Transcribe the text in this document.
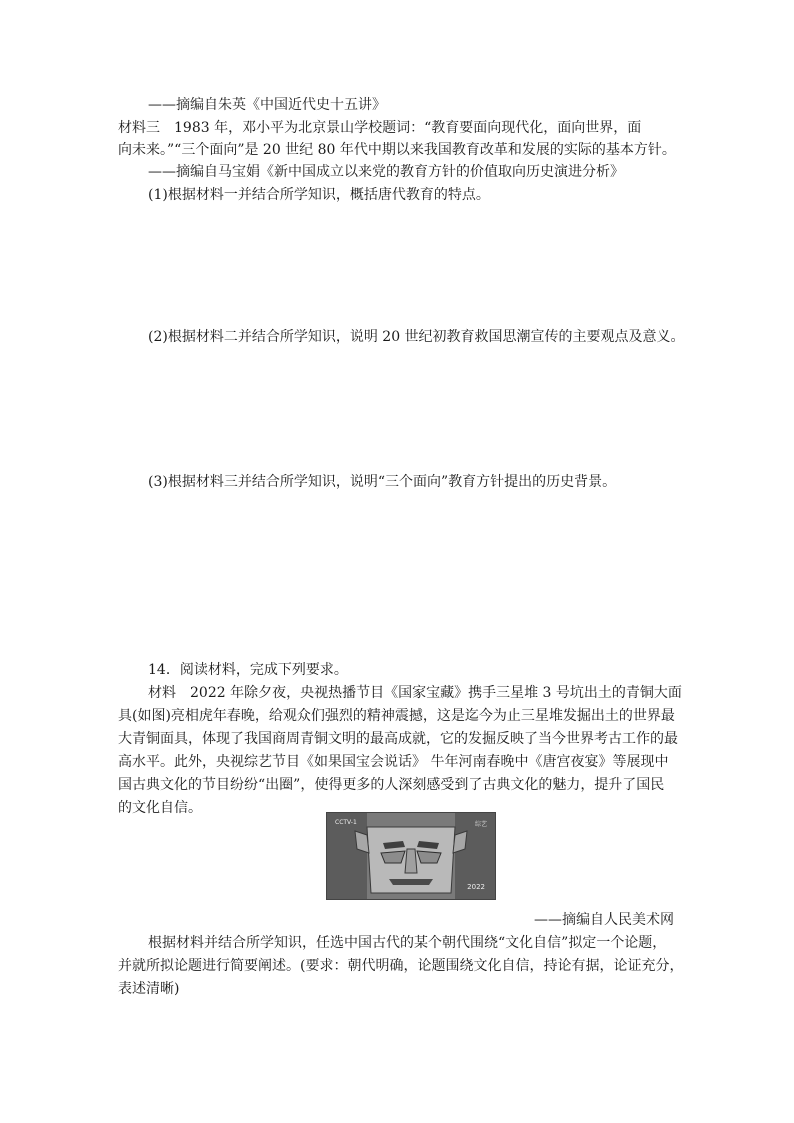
——摘编自朱英《中国近代史十五讲》
材料三　1983 年，邓小平为北京景山学校题词：“教育要面向现代化，面向世界，面
向未来。”“三个面向”是 20 世纪 80 年代中期以来我国教育改革和发展的实际的基本方针。
——摘编自马宝娟《新中国成立以来党的教育方针的价值取向历史演进分析》
(1)根据材料一并结合所学知识，概括唐代教育的特点。
(2)根据材料二并结合所学知识，说明 20 世纪初教育救国思潮宣传的主要观点及意义。
(3)根据材料三并结合所学知识，说明“三个面向”教育方针提出的历史背景。
14．阅读材料，完成下列要求。
材料　2022 年除夕夜，央视热播节目《国家宝藏》携手三星堆 3 号坑出土的青铜大面
具(如图)亮相虎年春晚，给观众们强烈的精神震撼，这是迄今为止三星堆发掘出土的世界最
大青铜面具，体现了我国商周青铜文明的最高成就，它的发掘反映了当今世界考古工作的最
高水平。此外，央视综艺节目《如果国宝会说话》 牛年河南春晚中《唐宫夜宴》等展现中
国古典文化的节目纷纷“出圈”，使得更多的人深刻感受到了古典文化的魅力，提升了国民
的文化自信。
CCTV-1	综艺
2022
——摘编自人民美术网
根据材料并结合所学知识，任选中国古代的某个朝代围绕“文化自信”拟定一个论题，
并就所拟论题进行简要阐述。(要求：朝代明确，论题围绕文化自信，持论有据，论证充分，
表述清晰)
